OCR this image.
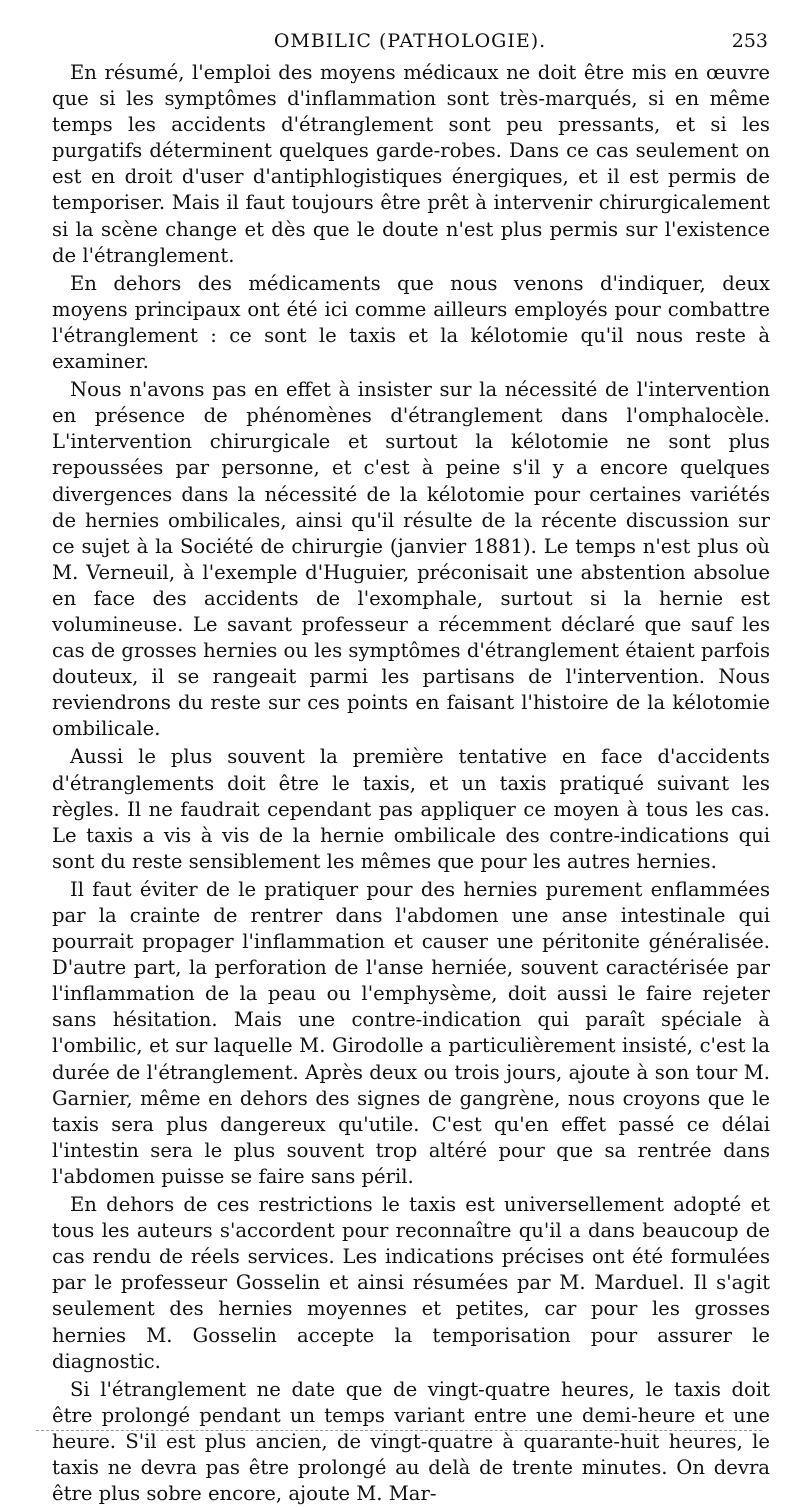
OMBILIC (PATHOLOGIE).	253

En résumé, l'emploi des moyens médicaux ne doit être mis en œuvre que si les symptômes d'inflammation sont très-marqués, si en même temps les accidents d'étranglement sont peu pressants, et si les purgatifs déterminent quelques garde-robes. Dans ce cas seulement on est en droit d'user d'antiphlogistiques énergiques, et il est permis de temporiser. Mais il faut toujours être prêt à intervenir chirurgicalement si la scène change et dès que le doute n'est plus permis sur l'existence de l'étranglement.

En dehors des médicaments que nous venons d'indiquer, deux moyens principaux ont été ici comme ailleurs employés pour combattre l'étranglement : ce sont le taxis et la kélotomie qu'il nous reste à examiner.

Nous n'avons pas en effet à insister sur la nécessité de l'intervention en présence de phénomènes d'étranglement dans l'omphalocèle. L'intervention chirurgicale et surtout la kélotomie ne sont plus repoussées par personne, et c'est à peine s'il y a encore quelques divergences dans la nécessité de la kélotomie pour certaines variétés de hernies ombilicales, ainsi qu'il résulte de la récente discussion sur ce sujet à la Société de chirurgie (janvier 1881). Le temps n'est plus où M. Verneuil, à l'exemple d'Huguier, préconisait une abstention absolue en face des accidents de l'exomphale, surtout si la hernie est volumineuse. Le savant professeur a récemment déclaré que sauf les cas de grosses hernies ou les symptômes d'étranglement étaient parfois douteux, il se rangeait parmi les partisans de l'intervention. Nous reviendrons du reste sur ces points en faisant l'histoire de la kélotomie ombilicale.

Aussi le plus souvent la première tentative en face d'accidents d'étranglements doit être le taxis, et un taxis pratiqué suivant les règles. Il ne faudrait cependant pas appliquer ce moyen à tous les cas. Le taxis a vis à vis de la hernie ombilicale des contre-indications qui sont du reste sensiblement les mêmes que pour les autres hernies.

Il faut éviter de le pratiquer pour des hernies purement enflammées par la crainte de rentrer dans l'abdomen une anse intestinale qui pourrait propager l'inflammation et causer une péritonite généralisée. D'autre part, la perforation de l'anse herniée, souvent caractérisée par l'inflammation de la peau ou l'emphysème, doit aussi le faire rejeter sans hésitation. Mais une contre-indication qui paraît spéciale à l'ombilic, et sur laquelle M. Girodolle a particulièrement insisté, c'est la durée de l'étranglement. Après deux ou trois jours, ajoute à son tour M. Garnier, même en dehors des signes de gangrène, nous croyons que le taxis sera plus dangereux qu'utile. C'est qu'en effet passé ce délai l'intestin sera le plus souvent trop altéré pour que sa rentrée dans l'abdomen puisse se faire sans péril.

En dehors de ces restrictions le taxis est universellement adopté et tous les auteurs s'accordent pour reconnaître qu'il a dans beaucoup de cas rendu de réels services. Les indications précises ont été formulées par le professeur Gosselin et ainsi résumées par M. Marduel. Il s'agit seulement des hernies moyennes et petites, car pour les grosses hernies M. Gosselin accepte la temporisation pour assurer le diagnostic.

Si l'étranglement ne date que de vingt-quatre heures, le taxis doit être prolongé pendant un temps variant entre une demi-heure et une heure. S'il est plus ancien, de vingt-quatre à quarante-huit heures, le taxis ne devra pas être prolongé au delà de trente minutes. On devra être plus sobre encore, ajoute M. Mar-
